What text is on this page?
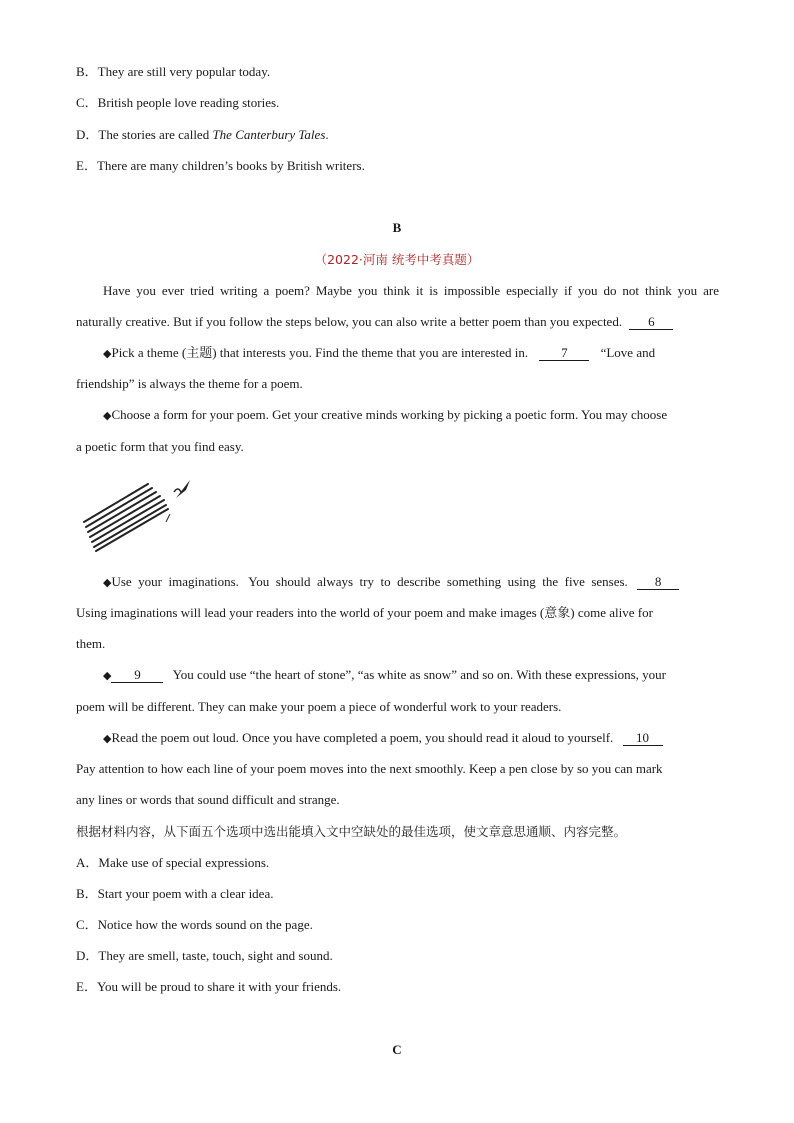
B．They are still very popular today.
C．British people love reading stories.
D．The stories are called The Canterbury Tales.
E．There are many children’s books by British writers.
B
（2022·河南 统考中考真题）
Have you ever tried writing a poem? Maybe you think it is impossible especially if you do not think you are
naturally creative. But if you follow the steps below, you can also write a better poem than you expected. 6
◆Pick a theme (主题) that interests you. Find the theme that you are interested in.	7	“Love and
friendship” is always the theme for a poem.
◆Choose a form for your poem. Get your creative minds working by picking a poetic form. You may choose
a poetic form that you find easy.
◆Use  your  imaginations.   You  should  always  try  to  describe  something  using  the  five  senses. 8
Using imaginations will lead your readers into the world of your poem and make images (意象) come alive for
them.
◆ 9 You could use “the heart of stone”, “as white as snow” and so on. With these expressions, your
poem will be different. They can make your poem a piece of wonderful work to your readers.
◆Read the poem out loud. Once you have completed a poem, you should read it aloud to yourself. 10
Pay attention to how each line of your poem moves into the next smoothly. Keep a pen close by so you can mark
any lines or words that sound difficult and strange.
根据材料内容，从下面五个选项中选出能填入文中空缺处的最佳选项，使文章意思通顺、内容完整。
A．Make use of special expressions.
B．Start your poem with a clear idea.
C．Notice how the words sound on the page.
D．They are smell, taste, touch, sight and sound.
E．You will be proud to share it with your friends.
C
